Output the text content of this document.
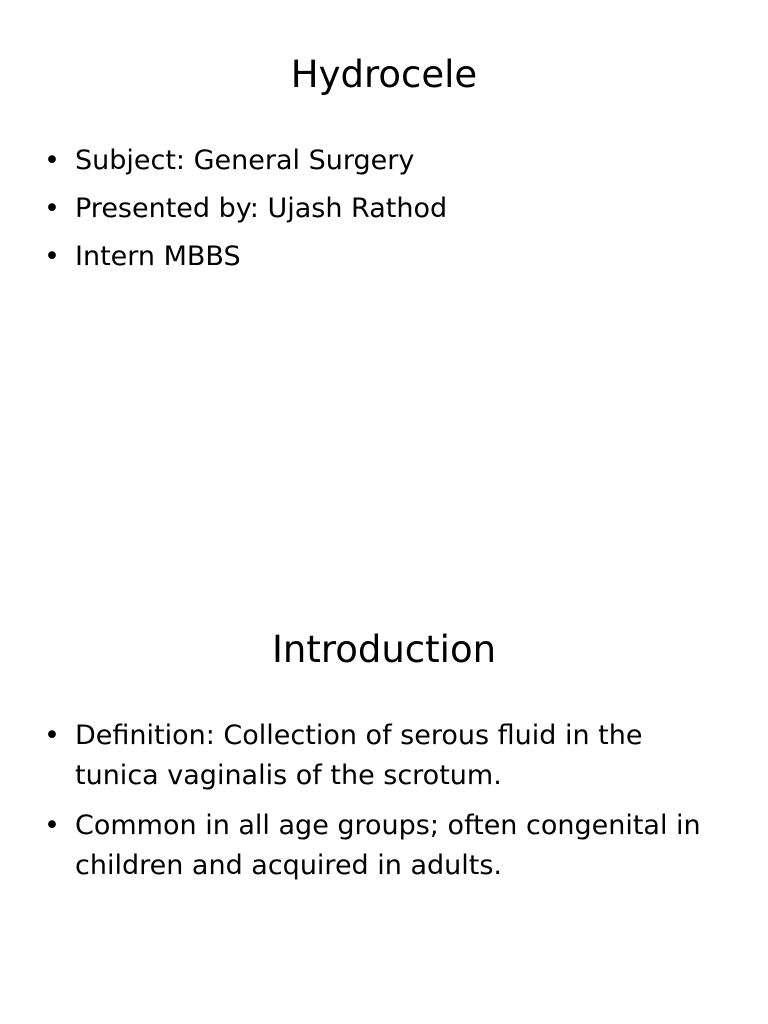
Hydrocele
• Subject: General Surgery
• Presented by: Ujash Rathod
• Intern MBBS
Introduction
• Definition: Collection of serous fluid in the tunica vaginalis of the scrotum.
• Common in all age groups; often congenital in children and acquired in adults.
